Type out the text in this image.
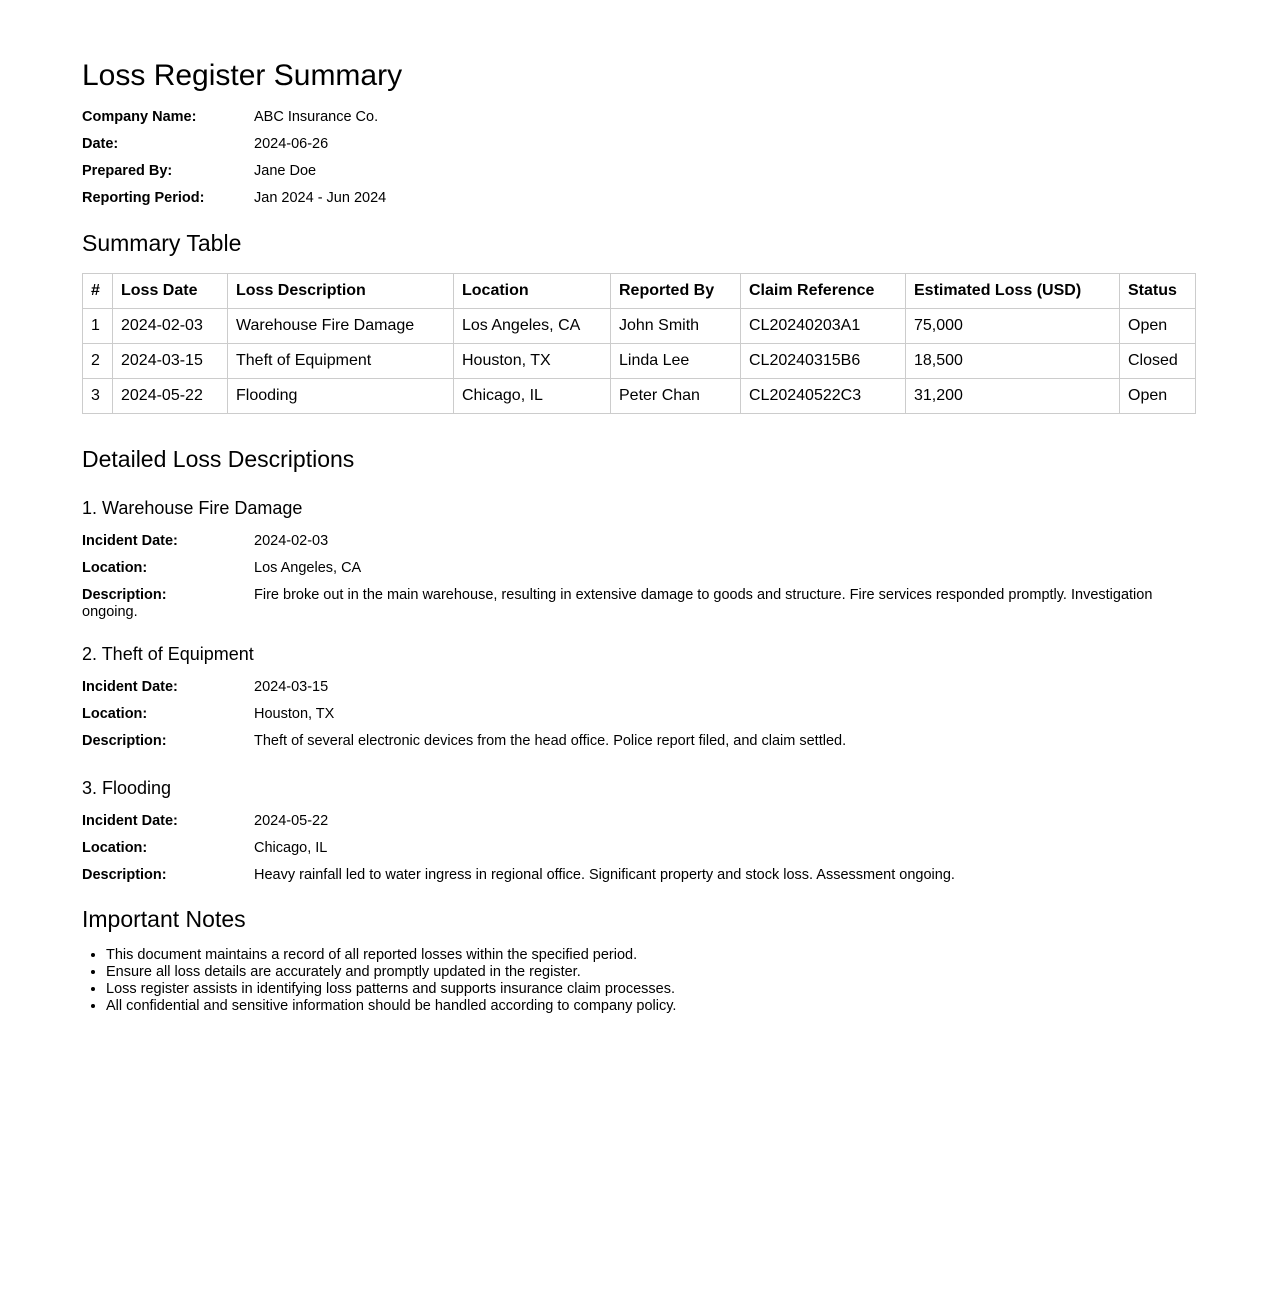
Loss Register Summary
Company Name:	ABC Insurance Co.
Date:	2024-06-26
Prepared By:	Jane Doe
Reporting Period:	Jan 2024 - Jun 2024
Summary Table
#	Loss Date	Loss Description	Location	Reported By	Claim Reference	Estimated Loss (USD)	Status
1	2024-02-03	Warehouse Fire Damage	Los Angeles, CA	John Smith	CL20240203A1	75,000	Open
2	2024-03-15	Theft of Equipment	Houston, TX	Linda Lee	CL20240315B6	18,500	Closed
3	2024-05-22	Flooding	Chicago, IL	Peter Chan	CL20240522C3	31,200	Open
Detailed Loss Descriptions
1. Warehouse Fire Damage
Incident Date:	2024-02-03
Location:	Los Angeles, CA
Description:	Fire broke out in the main warehouse, resulting in extensive damage to goods and structure. Fire services responded promptly. Investigation ongoing.
2. Theft of Equipment
Incident Date:	2024-03-15
Location:	Houston, TX
Description:	Theft of several electronic devices from the head office. Police report filed, and claim settled.
3. Flooding
Incident Date:	2024-05-22
Location:	Chicago, IL
Description:	Heavy rainfall led to water ingress in regional office. Significant property and stock loss. Assessment ongoing.
Important Notes
• This document maintains a record of all reported losses within the specified period.
• Ensure all loss details are accurately and promptly updated in the register.
• Loss register assists in identifying loss patterns and supports insurance claim processes.
• All confidential and sensitive information should be handled according to company policy.
